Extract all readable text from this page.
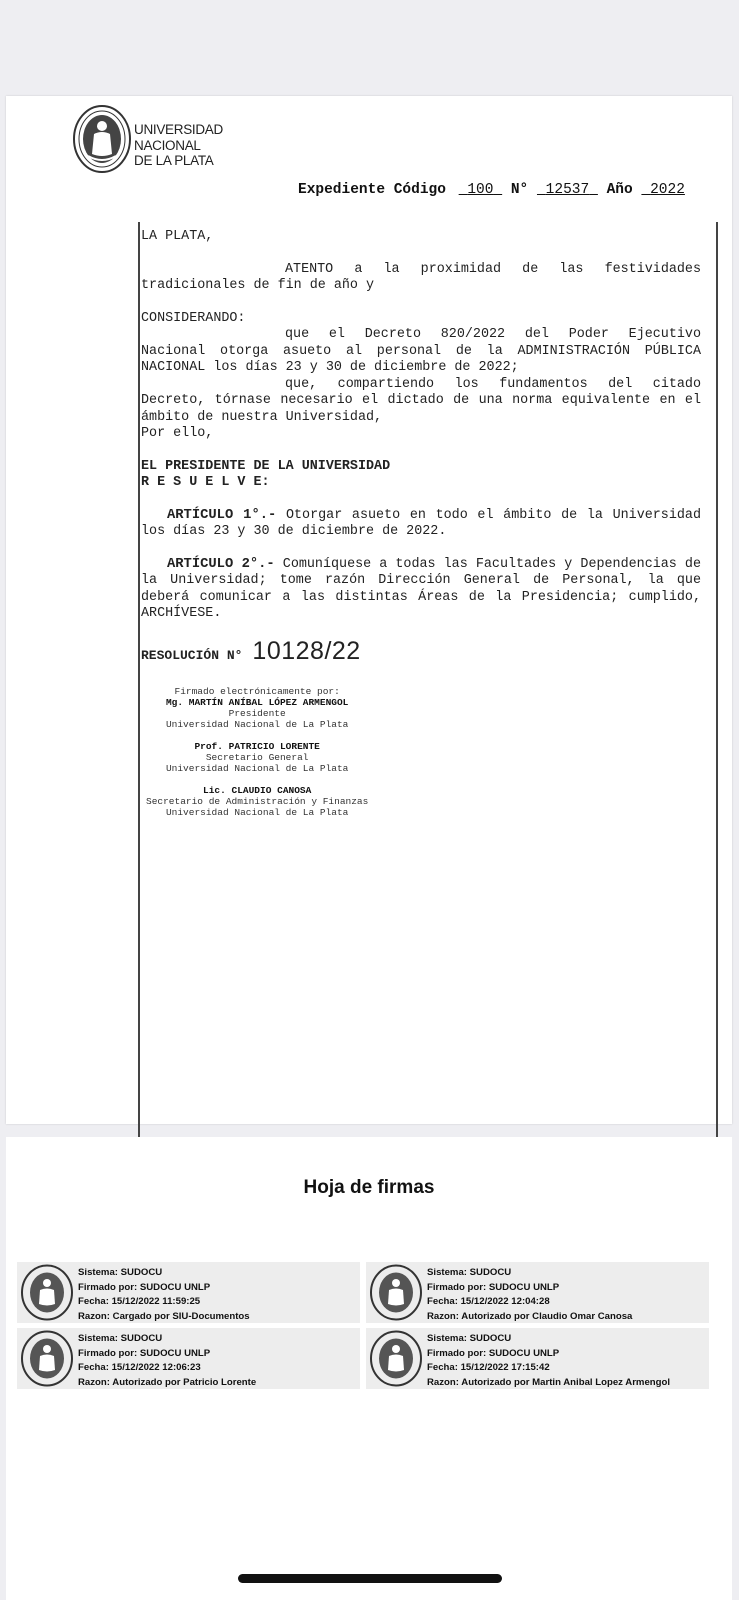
UNIVERSIDAD
NACIONAL
DE LA PLATA
Expediente Código 100 N° 12537 Año 2022

LA PLATA,

ATENTO a la proximidad de las festividades tradicionales de fin de año y

CONSIDERANDO:

que el Decreto 820/2022 del Poder Ejecutivo Nacional otorga asueto al personal de la ADMINISTRACIÓN PÚBLICA NACIONAL los días 23 y 30 de diciembre de 2022;

que, compartiendo los fundamentos del citado Decreto, tórnase necesario el dictado de una norma equivalente en el ámbito de nuestra Universidad,

Por ello,

EL PRESIDENTE DE LA UNIVERSIDAD

R E S U E L V E:

ARTÍCULO 1°.- Otorgar asueto en todo el ámbito de la Universidad los días 23 y 30 de diciembre de 2022.

ARTÍCULO 2°.- Comuníquese a todas las Facultades y Dependencias de la Universidad; tome razón Dirección General de Personal, la que deberá comunicar a las distintas Áreas de la Presidencia; cumplido, ARCHÍVESE.

RESOLUCIÓN N° 10128/22

Firmado electrónicamente por:
Mg. MARTÍN ANÍBAL LÓPEZ ARMENGOL
Presidente
Universidad Nacional de La Plata
Prof. PATRICIO LORENTE
Secretario General
Universidad Nacional de La Plata
Lic. CLAUDIO CANOSA
Secretario de Administración y Finanzas
Universidad Nacional de La Plata
Hoja de firmas
Sistema: SUDOCU
Firmado por: SUDOCU UNLP
Fecha: 15/12/2022 11:59:25
Razon: Cargado por SIU-Documentos
Sistema: SUDOCU
Firmado por: SUDOCU UNLP
Fecha: 15/12/2022 12:04:28
Razon: Autorizado por Claudio Omar Canosa
Sistema: SUDOCU
Firmado por: SUDOCU UNLP
Fecha: 15/12/2022 12:06:23
Razon: Autorizado por Patricio Lorente
Sistema: SUDOCU
Firmado por: SUDOCU UNLP
Fecha: 15/12/2022 17:15:42
Razon: Autorizado por Martin Anibal Lopez Armengol
